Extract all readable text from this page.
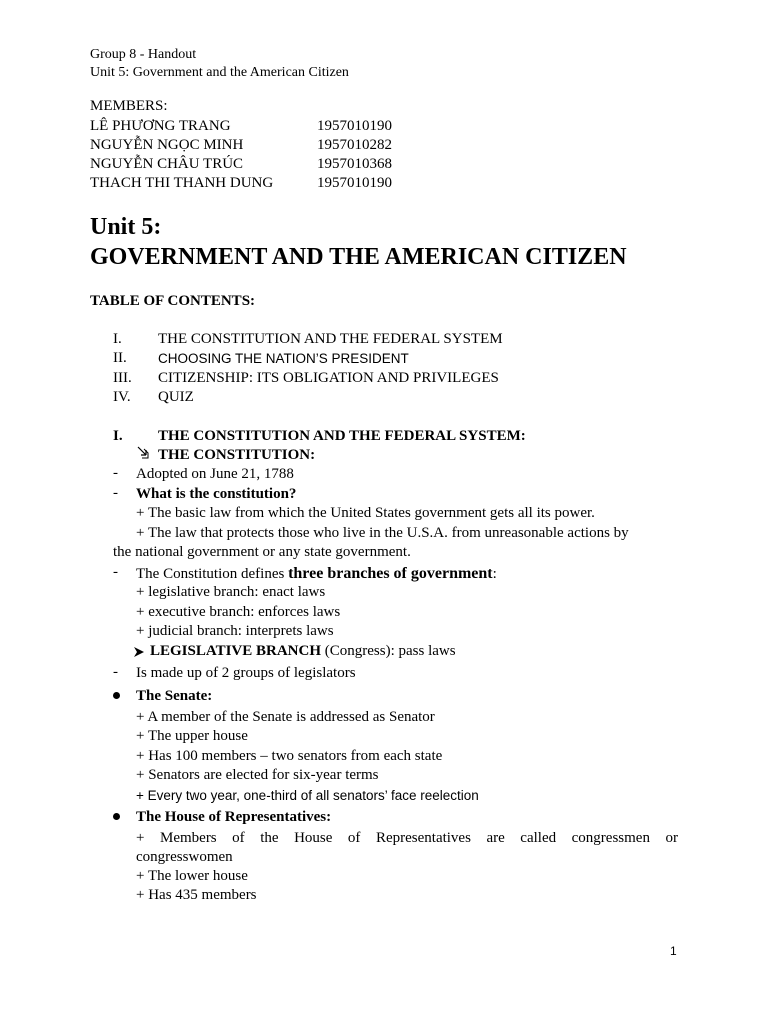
Group 8 - Handout
Unit 5: Government and the American Citizen
MEMBERS:
LÊ PHƯƠNG TRANG	1957010190
NGUYỄN NGỌC MINH	1957010282
NGUYỄN CHÂU TRÚC	1957010368
THACH THI THANH DUNG	1957010190
Unit 5:
GOVERNMENT AND THE AMERICAN CITIZEN
TABLE OF CONTENTS:
I. THE CONSTITUTION AND THE FEDERAL SYSTEM
II. CHOOSING THE NATION’S PRESIDENT
III. CITIZENSHIP: ITS OBLIGATION AND PRIVILEGES
IV. QUIZ
I. THE CONSTITUTION AND THE FEDERAL SYSTEM:
THE CONSTITUTION:
- Adopted on June 21, 1788
- What is the constitution?
+ The basic law from which the United States government gets all its power.
+ The law that protects those who live in the U.S.A. from unreasonable actions by
the national government or any state government.
- The Constitution defines three branches of government:
+ legislative branch: enact laws
+ executive branch: enforces laws
+ judicial branch: interprets laws
LEGISLATIVE BRANCH (Congress): pass laws
- Is made up of 2 groups of legislators
The Senate:
+ A member of the Senate is addressed as Senator
+ The upper house
+ Has 100 members – two senators from each state
+ Senators are elected for six-year terms
+ Every two year, one-third of all senators’ face reelection
The House of Representatives:
+ Members of the House of Representatives are called congressmen or
congresswomen
+ The lower house
+ Has 435 members
1
